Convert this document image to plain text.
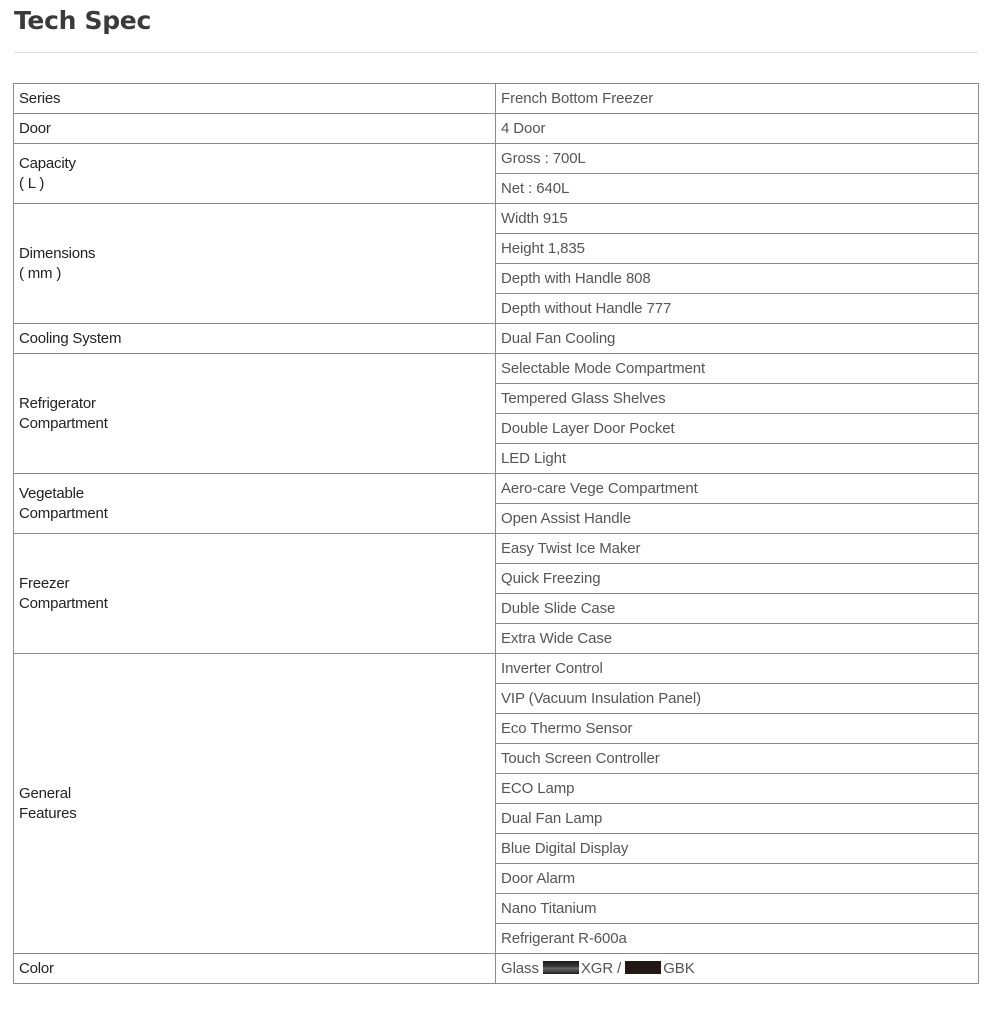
Tech Spec
Series	French Bottom Freezer

Door	4 Door

Capacity
( L )	Gross : 700L
	Net : 640L

Dimensions
( mm )	Width 915
	Height 1,835
	Depth with Handle 808
	Depth without Handle 777

Cooling System	Dual Fan Cooling

Refrigerator
Compartment	Selectable Mode Compartment
	Tempered Glass Shelves
	Double Layer Door Pocket
	LED Light

Vegetable
Compartment	Aero-care Vege Compartment
	Open Assist Handle

Freezer
Compartment	Easy Twist Ice Maker
	Quick Freezing
	Duble Slide Case
	Extra Wide Case

General
Features	Inverter Control
	VIP (Vacuum Insulation Panel)
	Eco Thermo Sensor
	Touch Screen Controller
	ECO Lamp
	Dual Fan Lamp
	Blue Digital Display
	Door Alarm
	Nano Titanium
	Refrigerant R-600a

Color	Glass XGR / GBK
